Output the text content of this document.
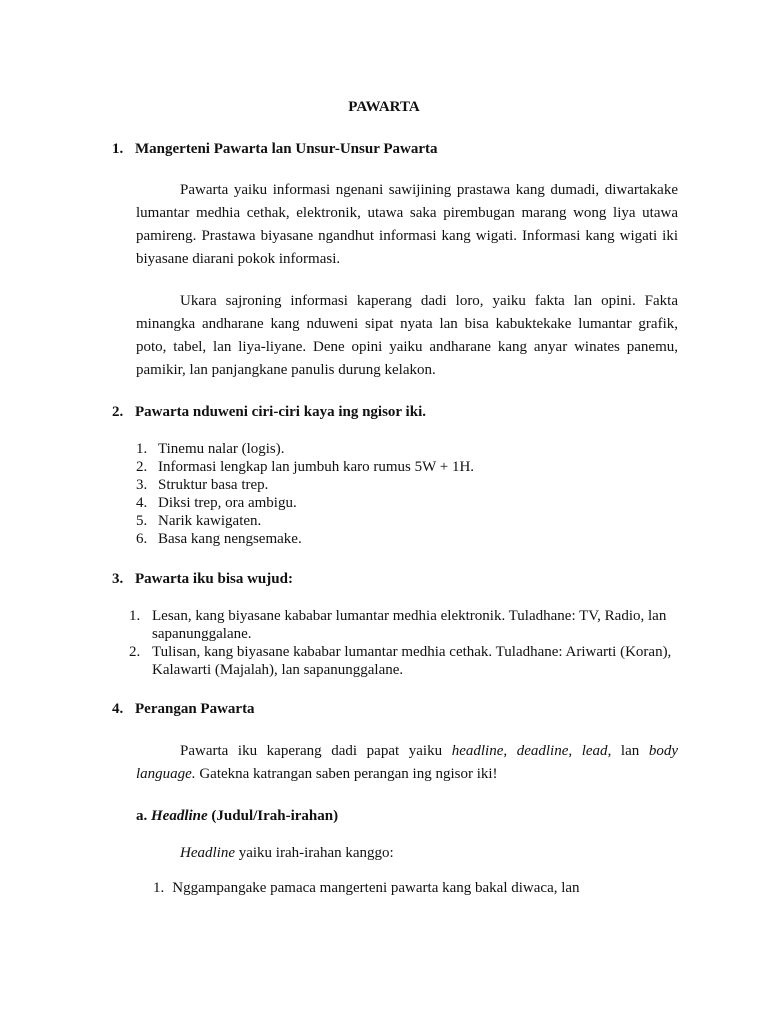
PAWARTA
1. Mangerteni Pawarta lan Unsur-Unsur Pawarta
Pawarta yaiku informasi ngenani sawijining prastawa kang dumadi, diwartakake lumantar medhia cethak, elektronik, utawa saka pirembugan marang wong liya utawa pamireng. Prastawa biyasane ngandhut informasi kang wigati. Informasi kang wigati iki biyasane diarani pokok informasi.
Ukara sajroning informasi kaperang dadi loro, yaiku fakta lan opini. Fakta minangka andharane kang nduweni sipat nyata lan bisa kabuktekake lumantar grafik, poto, tabel, lan liya-liyane. Dene opini yaiku andharane kang anyar winates panemu, pamikir, lan panjangkane panulis durung kelakon.
2. Pawarta nduweni ciri-ciri kaya ing ngisor iki.
1. Tinemu nalar (logis).
2. Informasi lengkap lan jumbuh karo rumus 5W + 1H.
3. Struktur basa trep.
4. Diksi trep, ora ambigu.
5. Narik kawigaten.
6. Basa kang nengsemake.
3. Pawarta iku bisa wujud:
1. Lesan, kang biyasane kababar lumantar medhia elektronik. Tuladhane: TV, Radio, lan sapanunggalane.
2. Tulisan, kang biyasane kababar lumantar medhia cethak. Tuladhane: Ariwarti (Koran), Kalawarti (Majalah), lan sapanunggalane.
4. Perangan Pawarta
Pawarta iku kaperang dadi papat yaiku headline, deadline, lead, lan body language. Gatekna katrangan saben perangan ing ngisor iki!
a. Headline (Judul/Irah-irahan)
Headline yaiku irah-irahan kanggo:
1. Nggampangake pamaca mangerteni pawarta kang bakal diwaca, lan
